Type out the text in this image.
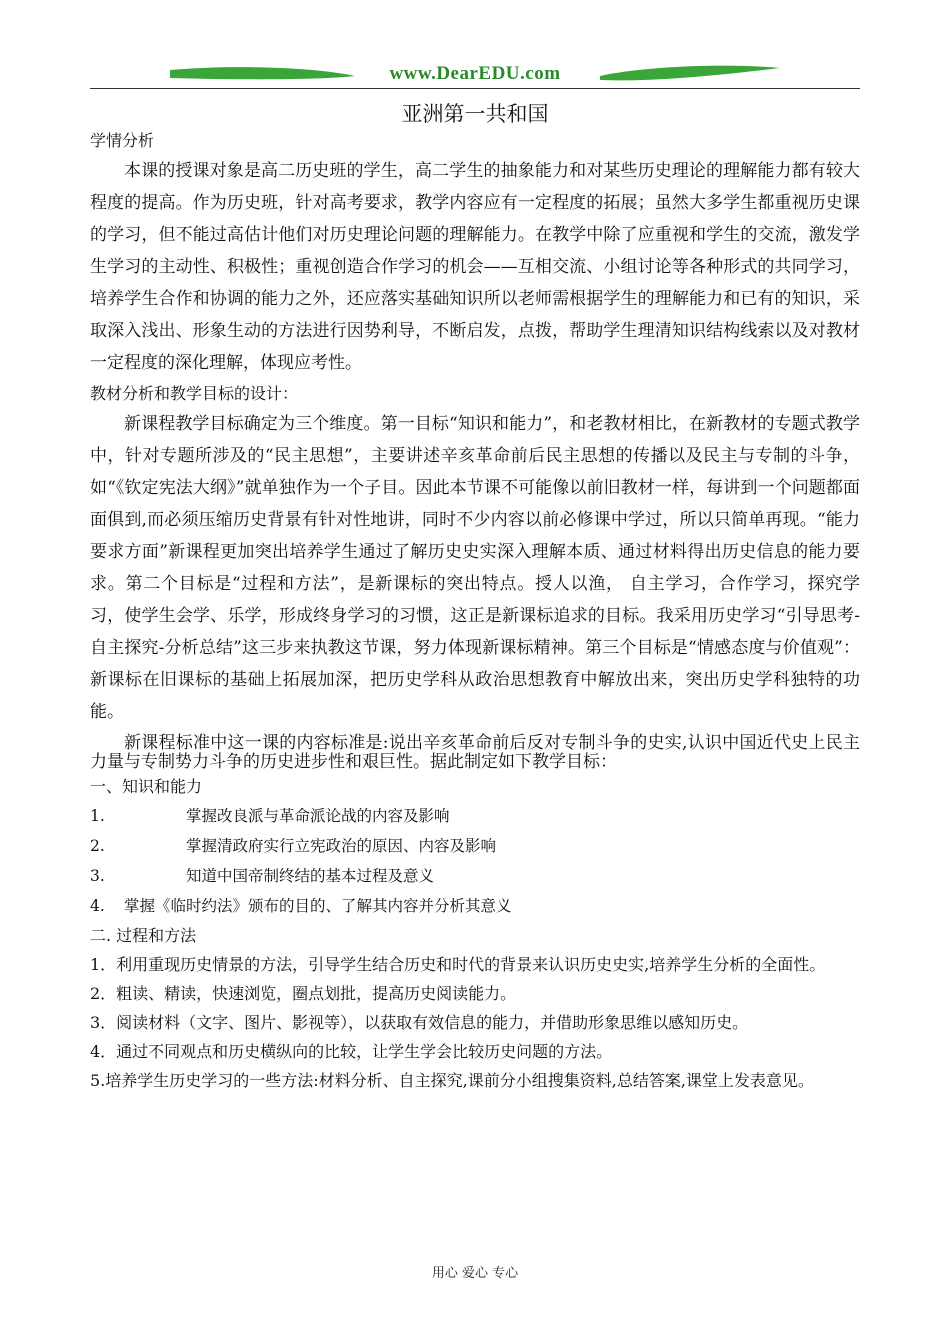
www.DearEDU.com
亚洲第一共和国

学情分析

本课的授课对象是高二历史班的学生，高二学生的抽象能力和对某些历史理论的理解能力都有较大程度的提高。作为历史班，针对高考要求，教学内容应有一定程度的拓展；虽然大多学生都重视历史课的学习，但不能过高估计他们对历史理论问题的理解能力。在教学中除了应重视和学生的交流，激发学生学习的主动性、积极性；重视创造合作学习的机会——互相交流、小组讨论等各种形式的共同学习，培养学生合作和协调的能力之外，还应落实基础知识所以老师需根据学生的理解能力和已有的知识，采取深入浅出、形象生动的方法进行因势利导，不断启发，点拨，帮助学生理清知识结构线索以及对教材一定程度的深化理解，体现应考性。

教材分析和教学目标的设计：

新课程教学目标确定为三个维度。第一目标“知识和能力”，和老教材相比，在新教材的专题式教学中，针对专题所涉及的“民主思想”，主要讲述辛亥革命前后民主思想的传播以及民主与专制的斗争，如“《钦定宪法大纲》”就单独作为一个子目。因此本节课不可能像以前旧教材一样，每讲到一个问题都面面俱到,而必须压缩历史背景有针对性地讲，同时不少内容以前必修课中学过，所以只简单再现。“能力要求方面”新课程更加突出培养学生通过了解历史史实深入理解本质、通过材料得出历史信息的能力要求。第二个目标是“过程和方法”，是新课标的突出特点。授人以渔， 自主学习，合作学习，探究学习，使学生会学、乐学，形成终身学习的习惯，这正是新课标追求的目标。我采用历史学习“引导思考-自主探究-分析总结”这三步来执教这节课，努力体现新课标精神。第三个目标是“情感态度与价值观”：新课标在旧课标的基础上拓展加深，把历史学科从政治思想教育中解放出来，突出历史学科独特的功能。

新课程标准中这一课的内容标准是:说出辛亥革命前后反对专制斗争的史实,认识中国近代史上民主力量与专制势力斗争的历史进步性和艰巨性。据此制定如下教学目标：

一、知识和能力

1.	掌握改良派与革命派论战的内容及影响

2.	掌握清政府实行立宪政治的原因、内容及影响

3.	知道中国帝制终结的基本过程及意义

4. 掌握《临时约法》颁布的目的、了解其内容并分析其意义

二. 过程和方法

1．利用重现历史情景的方法，引导学生结合历史和时代的背景来认识历史史实,培养学生分析的全面性。

2．粗读、精读，快速浏览，圈点划批，提高历史阅读能力。

3．阅读材料（文字、图片、影视等），以获取有效信息的能力，并借助形象思维以感知历史。

4．通过不同观点和历史横纵向的比较，让学生学会比较历史问题的方法。

5.培养学生历史学习的一些方法:材料分析、自主探究,课前分小组搜集资料,总结答案,课堂上发表意见。

用心 爱心 专心
